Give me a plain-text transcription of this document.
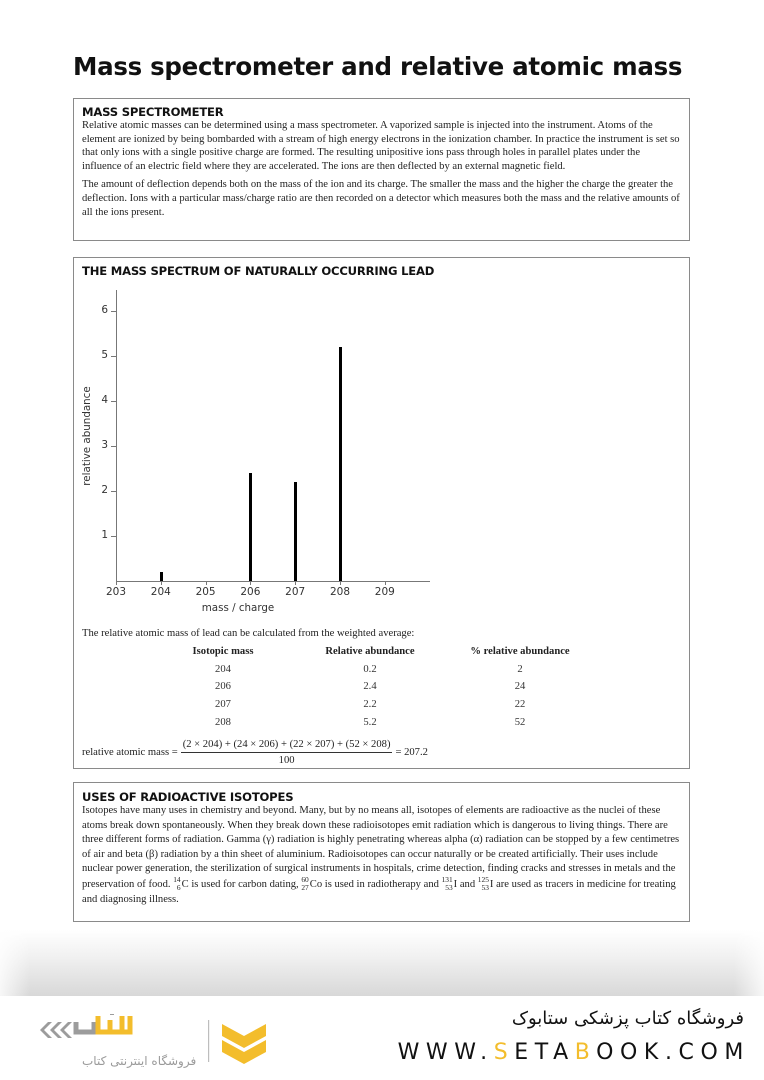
Mass spectrometer and relative atomic mass
MASS SPECTROMETER

Relative atomic masses can be determined using a mass spectrometer. A vaporized sample is injected into the instrument. Atoms of the element are ionized by being bombarded with a stream of high energy electrons in the ionization chamber. In practice the instrument is set so that only ions with a single positive charge are formed. The resulting unipositive ions pass through holes in parallel plates under the influence of an electric field where they are accelerated. The ions are then deflected by an external magnetic field.

The amount of deflection depends both on the mass of the ion and its charge. The smaller the mass and the higher the charge the greater the deflection. Ions with a particular mass/charge ratio are then recorded on a detector which measures both the mass and the relative amounts of all the ions present.

THE MASS SPECTRUM OF NATURALLY OCCURRING LEAD
1
2
3
4
5
6
203	204	205	206	207	208	209
relative abundance
mass / charge

The relative atomic mass of lead can be calculated from the weighted average:

Isotopic mass	Relative abundance	% relative abundance
204	0.2	2
206	2.4	24
207	2.2	22
208	5.2	52
relative atomic mass = $\frac{(2 \times 204) + (24 \times 206) + (22 \times 207) + (52 \times 208)}{100} = 207.2$
USES OF RADIOACTIVE ISOTOPES

Isotopes have many uses in chemistry and beyond. Many, but by no means all, isotopes of elements are radioactive as the nuclei of these atoms break down spontaneously. When they break down these radioisotopes emit radiation which is dangerous to living things. There are three different forms of radiation. Gamma (γ) radiation is highly penetrating whereas alpha (α) radiation can be stopped by a few centimetres of air and beta (β) radiation by a thin sheet of aluminium. Radioisotopes can occur naturally or be created artificially. Their uses include nuclear power generation, the sterilization of surgical instruments in hospitals, crime detection, finding cracks and stresses in metals and the preservation of food. 14
6 C is used for carbon dating, 60
27 Co is used in radiotherapy and 131
53 I and 125
53 I are used as tracers in medicine for treating and diagnosing illness.

فروشگاه اینترنتی کتاب
فروشگاه کتاب پزشکی ستابوک
WWW.SETABOOK.COM
